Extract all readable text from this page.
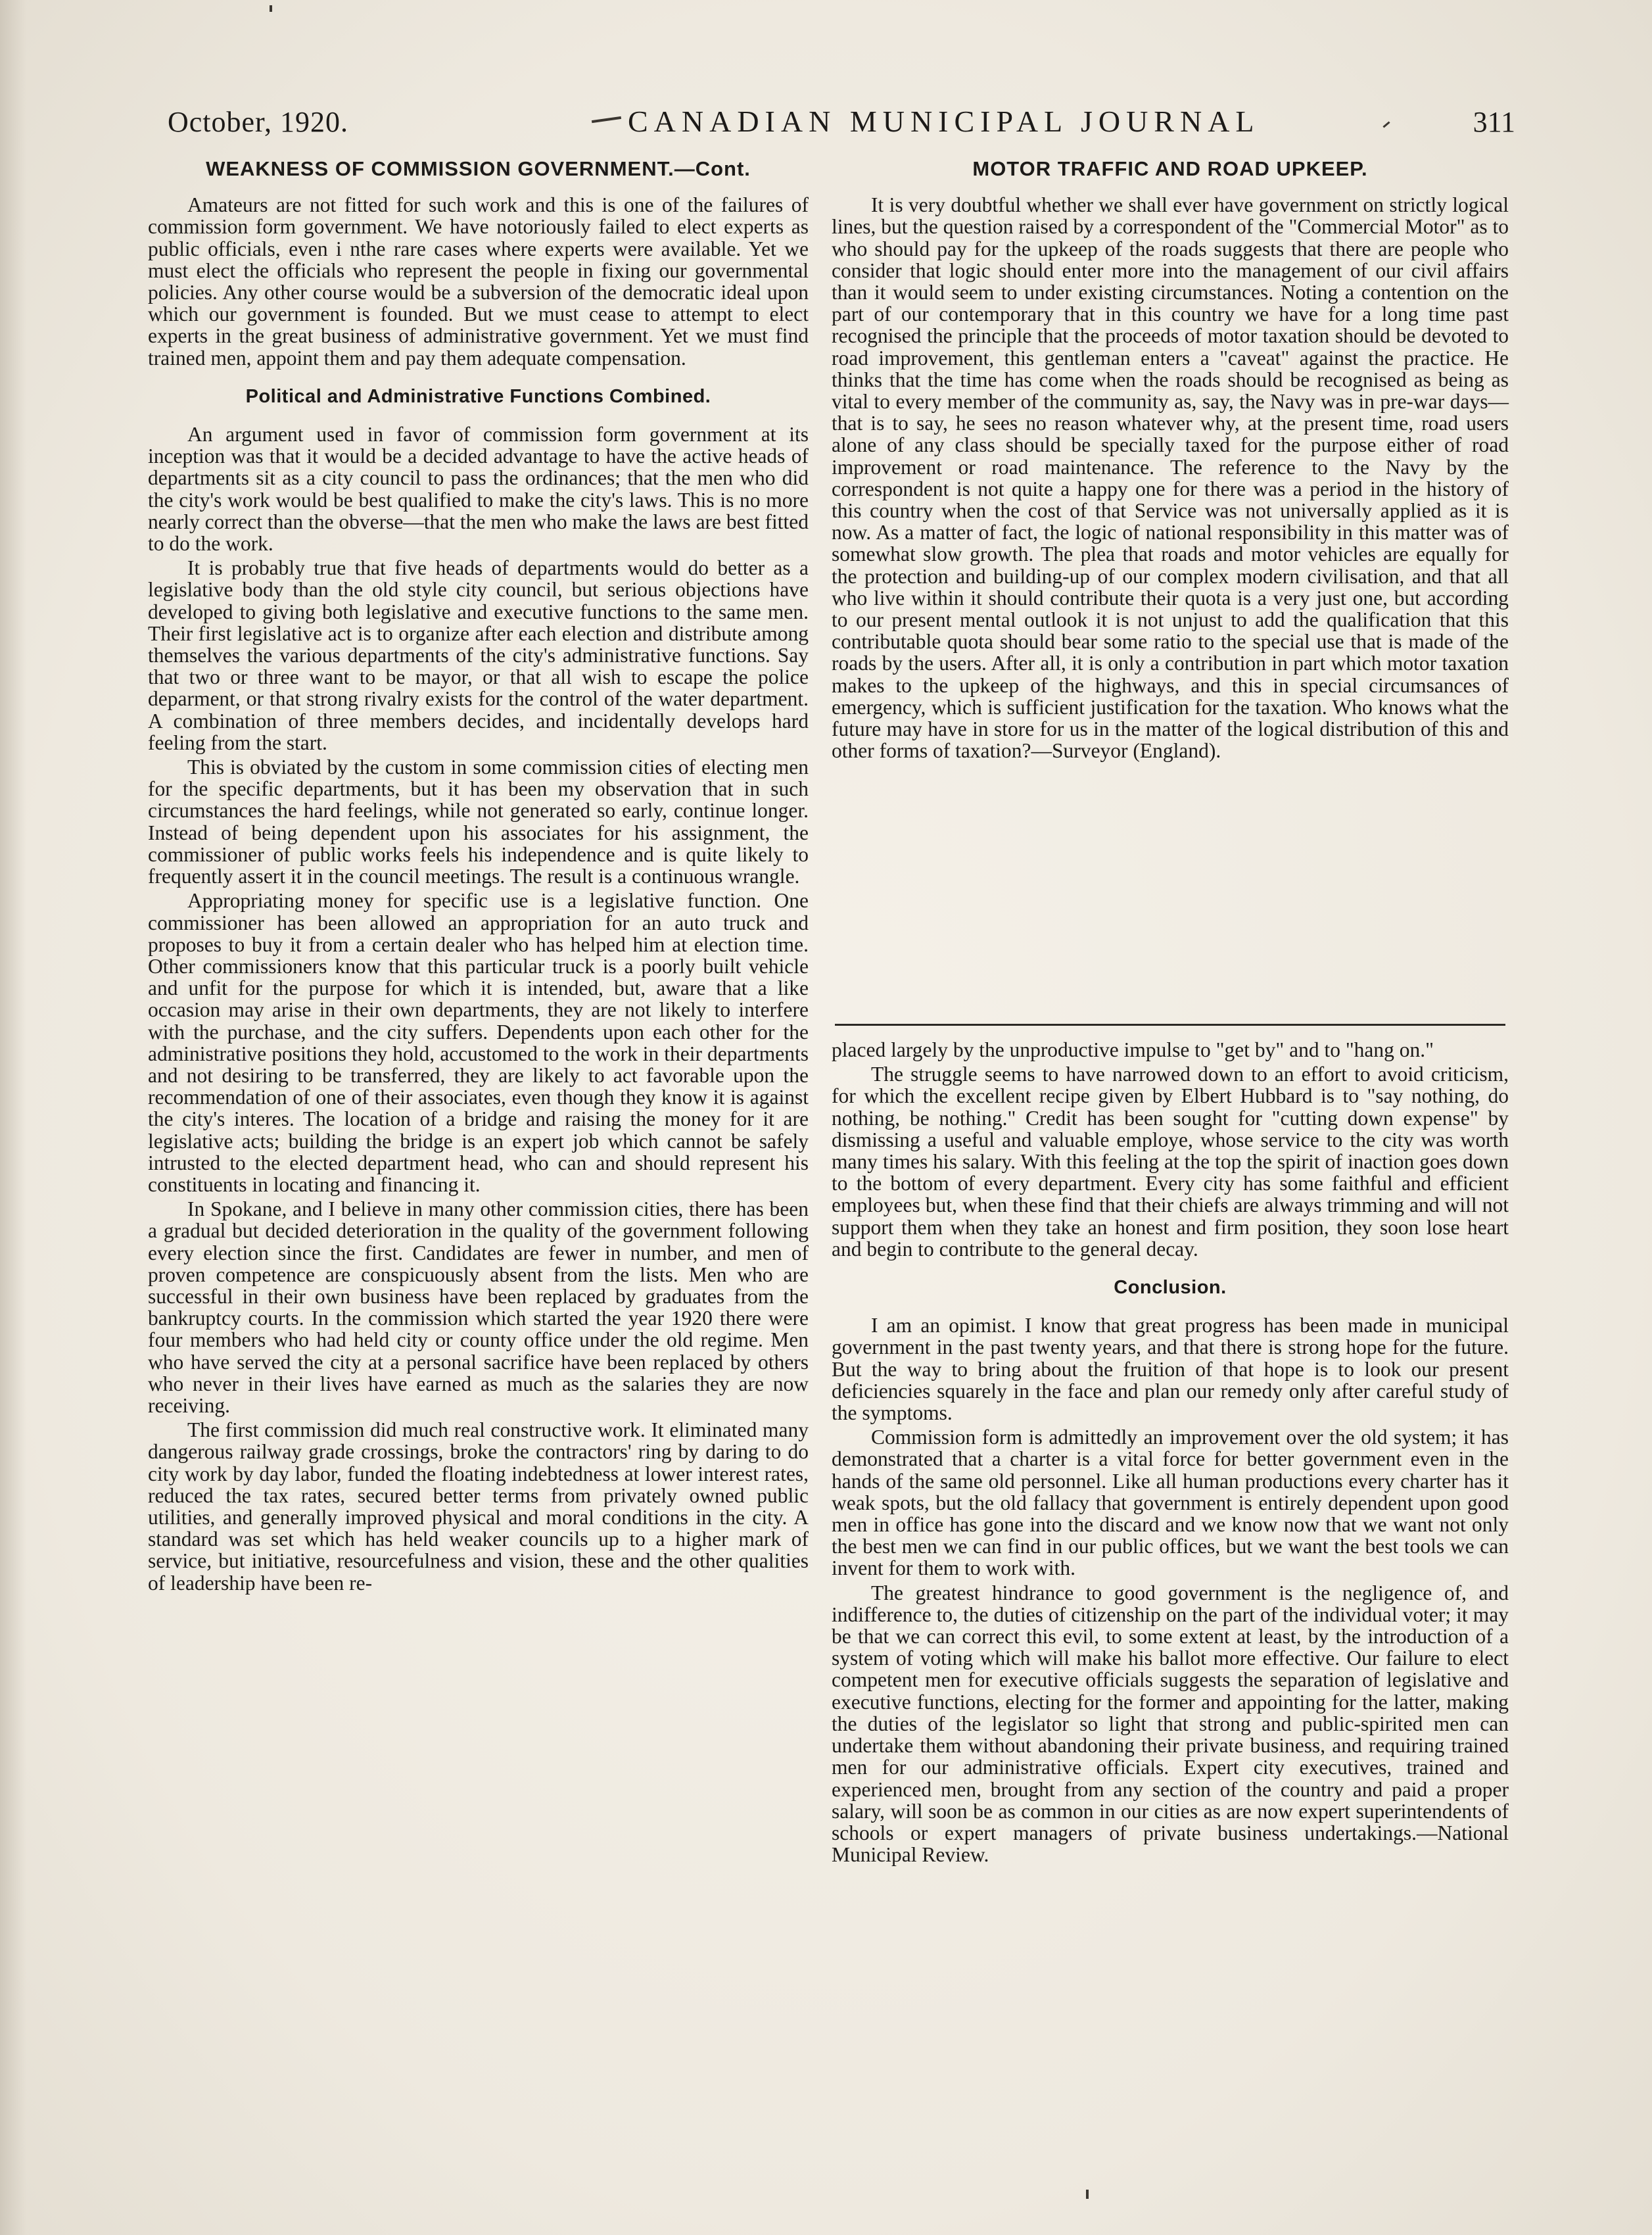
October, 1920.	CANADIAN MUNICIPAL JOURNAL	311
WEAKNESS OF COMMISSION GOVERNMENT.—Cont.

Amateurs are not fitted for such work and this is one of the failures of commission form government. We have notoriously failed to elect experts as public officials, even i nthe rare cases where experts were available. Yet we must elect the officials who represent the people in fixing our governmental policies. Any other course would be a subversion of the democratic ideal upon which our government is founded. But we must cease to attempt to elect experts in the great business of administrative government. Yet we must find trained men, appoint them and pay them adequate compensation.

Political and Administrative Functions Combined.

An argument used in favor of commission form government at its inception was that it would be a decided advantage to have the active heads of departments sit as a city council to pass the ordinances; that the men who did the city's work would be best qualified to make the city's laws. This is no more nearly correct than the obverse—that the men who make the laws are best fitted to do the work.

It is probably true that five heads of departments would do better as a legislative body than the old style city council, but serious objections have developed to giving both legislative and executive functions to the same men. Their first legislative act is to organize after each election and distribute among themselves the various departments of the city's administrative functions. Say that two or three want to be mayor, or that all wish to escape the police deparment, or that strong rivalry exists for the control of the water department. A combination of three members decides, and incidentally develops hard feeling from the start.

This is obviated by the custom in some commission cities of electing men for the specific departments, but it has been my observation that in such circumstances the hard feelings, while not generated so early, continue longer. Instead of being dependent upon his associates for his assignment, the commissioner of public works feels his independence and is quite likely to frequently assert it in the council meetings. The result is a continuous wrangle.

Appropriating money for specific use is a legislative function. One commissioner has been allowed an appropriation for an auto truck and proposes to buy it from a certain dealer who has helped him at election time. Other commissioners know that this particular truck is a poorly built vehicle and unfit for the purpose for which it is intended, but, aware that a like occasion may arise in their own departments, they are not likely to interfere with the purchase, and the city suffers. Dependents upon each other for the administrative positions they hold, accustomed to the work in their departments and not desiring to be transferred, they are likely to act favorable upon the recommendation of one of their associates, even though they know it is against the city's interes. The location of a bridge and raising the money for it are legislative acts; building the bridge is an expert job which cannot be safely intrusted to the elected department head, who can and should represent his constituents in locating and financing it.

In Spokane, and I believe in many other commission cities, there has been a gradual but decided deterioration in the quality of the government following every election since the first. Candidates are fewer in number, and men of proven competence are conspicuously absent from the lists. Men who are successful in their own business have been replaced by graduates from the bankruptcy courts. In the commission which started the year 1920 there were four members who had held city or county office under the old regime. Men who have served the city at a personal sacrifice have been replaced by others who never in their lives have earned as much as the salaries they are now receiving.

The first commission did much real constructive work. It eliminated many dangerous railway grade crossings, broke the contractors' ring by daring to do city work by day labor, funded the floating indebtedness at lower interest rates, reduced the tax rates, secured better terms from privately owned public utilities, and generally improved physical and moral conditions in the city. A standard was set which has held weaker councils up to a higher mark of service, but initiative, resourcefulness and vision, these and the other qualities of leadership have been re-

MOTOR TRAFFIC AND ROAD UPKEEP.

It is very doubtful whether we shall ever have government on strictly logical lines, but the question raised by a correspondent of the "Commercial Motor" as to who should pay for the upkeep of the roads suggests that there are people who consider that logic should enter more into the management of our civil affairs than it would seem to under existing circumstances. Noting a contention on the part of our contemporary that in this country we have for a long time past recognised the principle that the proceeds of motor taxation should be devoted to road improvement, this gentleman enters a "caveat" against the practice. He thinks that the time has come when the roads should be recognised as being as vital to every member of the community as, say, the Navy was in pre-war days—that is to say, he sees no reason whatever why, at the present time, road users alone of any class should be specially taxed for the purpose either of road improvement or road maintenance. The reference to the Navy by the correspondent is not quite a happy one for there was a period in the history of this country when the cost of that Service was not universally applied as it is now. As a matter of fact, the logic of national responsibility in this matter was of somewhat slow growth. The plea that roads and motor vehicles are equally for the protection and building-up of our complex modern civilisation, and that all who live within it should contribute their quota is a very just one, but according to our present mental outlook it is not unjust to add the qualification that this contributable quota should bear some ratio to the special use that is made of the roads by the users. After all, it is only a contribution in part which motor taxation makes to the upkeep of the highways, and this in special circumsances of emergency, which is sufficient justification for the taxation. Who knows what the future may have in store for us in the matter of the logical distribution of this and other forms of taxation?—Surveyor (England).

placed largely by the unproductive impulse to "get by" and to "hang on."

The struggle seems to have narrowed down to an effort to avoid criticism, for which the excellent recipe given by Elbert Hubbard is to "say nothing, do nothing, be nothing." Credit has been sought for "cutting down expense" by dismissing a useful and valuable employe, whose service to the city was worth many times his salary. With this feeling at the top the spirit of inaction goes down to the bottom of every department. Every city has some faithful and efficient employees but, when these find that their chiefs are always trimming and will not support them when they take an honest and firm position, they soon lose heart and begin to contribute to the general decay.

Conclusion.

I am an opimist. I know that great progress has been made in municipal government in the past twenty years, and that there is strong hope for the future. But the way to bring about the fruition of that hope is to look our present deficiencies squarely in the face and plan our remedy only after careful study of the symptoms.

Commission form is admittedly an improvement over the old system; it has demonstrated that a charter is a vital force for better government even in the hands of the same old personnel. Like all human productions every charter has it weak spots, but the old fallacy that government is entirely dependent upon good men in office has gone into the discard and we know now that we want not only the best men we can find in our public offices, but we want the best tools we can invent for them to work with.

The greatest hindrance to good government is the negligence of, and indifference to, the duties of citizenship on the part of the individual voter; it may be that we can correct this evil, to some extent at least, by the introduction of a system of voting which will make his ballot more effective. Our failure to elect competent men for executive officials suggests the separation of legislative and executive functions, electing for the former and appointing for the latter, making the duties of the legislator so light that strong and public-spirited men can undertake them without abandoning their private business, and requiring trained men for our administrative officials. Expert city executives, trained and experienced men, brought from any section of the country and paid a proper salary, will soon be as common in our cities as are now expert superintendents of schools or expert managers of private business undertakings.—National Municipal Review.
